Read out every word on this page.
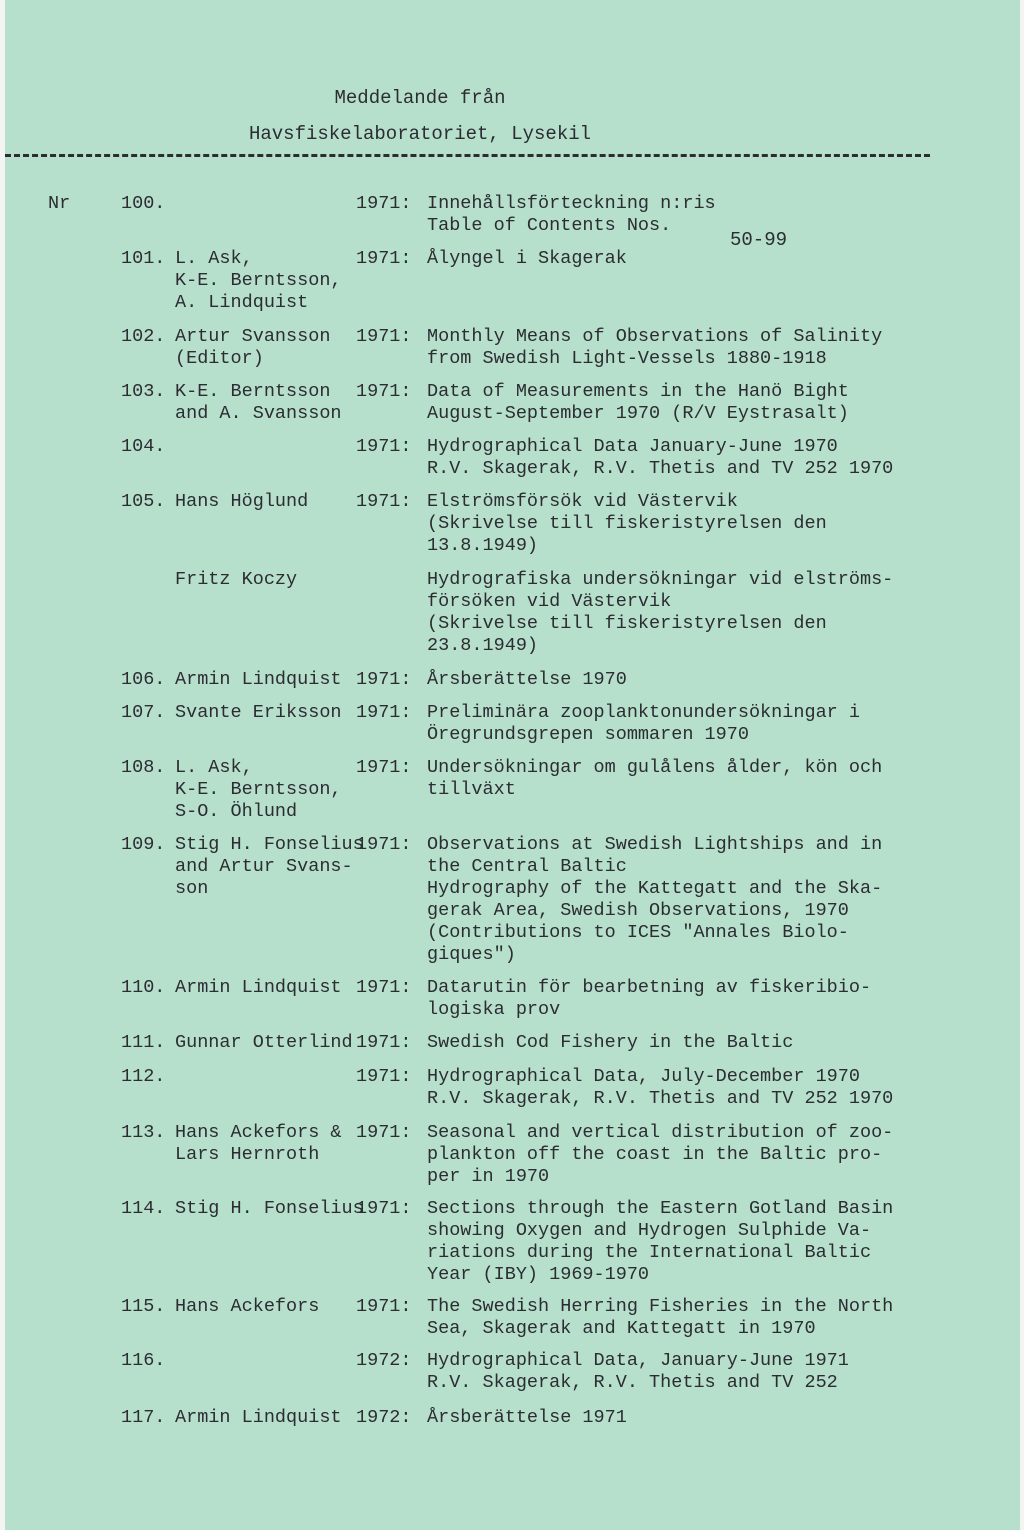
Meddelande från
Havsfiskelaboratoriet, Lysekil
Nr
50-99
100.	1971: Innehållsförteckning n:ris
Table of Contents Nos.
101. L. Ask,
K-E. Berntsson,
A. Lindquist
1971: Ålyngel i Skagerak
102. Artur Svansson
(Editor)
1971: Monthly Means of Observations of Salinity
from Swedish Light-Vessels 1880-1918
103. K-E. Berntsson
and A. Svansson
1971: Data of Measurements in the Hanö Bight
August-September 1970 (R/V Eystrasalt)
104.	1971: Hydrographical Data January-June 1970
R.V. Skagerak, R.V. Thetis and TV 252 1970
105. Hans Höglund	1971: Elströmsförsök vid Västervik
(Skrivelse till fiskeristyrelsen den
13.8.1949)
Fritz Koczy	Hydrografiska undersökningar vid elströms-
försöken vid Västervik
(Skrivelse till fiskeristyrelsen den
23.8.1949)
106. Armin Lindquist 1971: Årsberättelse 1970
107. Svante Eriksson 1971: Preliminära zooplanktonundersökningar i
Öregrundsgrepen sommaren 1970
108. L. Ask,
K-E. Berntsson,
S-O. Öhlund
1971: Undersökningar om gulålens ålder, kön och
tillväxt
109. Stig H. Fonselius
and Artur Svans-
son
1971: Observations at Swedish Lightships and in
the Central Baltic
Hydrography of the Kattegatt and the Ska-
gerak Area, Swedish Observations, 1970
(Contributions to ICES "Annales Biolo-
giques")
110. Armin Lindquist 1971: Datarutin för bearbetning av fiskeribio-
logiska prov
111. Gunnar Otterlind 1971: Swedish Cod Fishery in the Baltic
112.	1971: Hydrographical Data, July-December 1970
R.V. Skagerak, R.V. Thetis and TV 252 1970
113. Hans Ackefors &
Lars Hernroth
1971: Seasonal and vertical distribution of zoo-
plankton off the coast in the Baltic pro-
per in 1970
114. Stig H. Fonselius
1971: Sections through the Eastern Gotland Basin
showing Oxygen and Hydrogen Sulphide Va-
riations during the International Baltic
Year (IBY) 1969-1970
115. Hans Ackefors 1971: The Swedish Herring Fisheries in the North
Sea, Skagerak and Kattegatt in 1970
116.	1972: Hydrographical Data, January-June 1971
R.V. Skagerak, R.V. Thetis and TV 252
117. Armin Lindquist 1972: Årsberättelse 1971
